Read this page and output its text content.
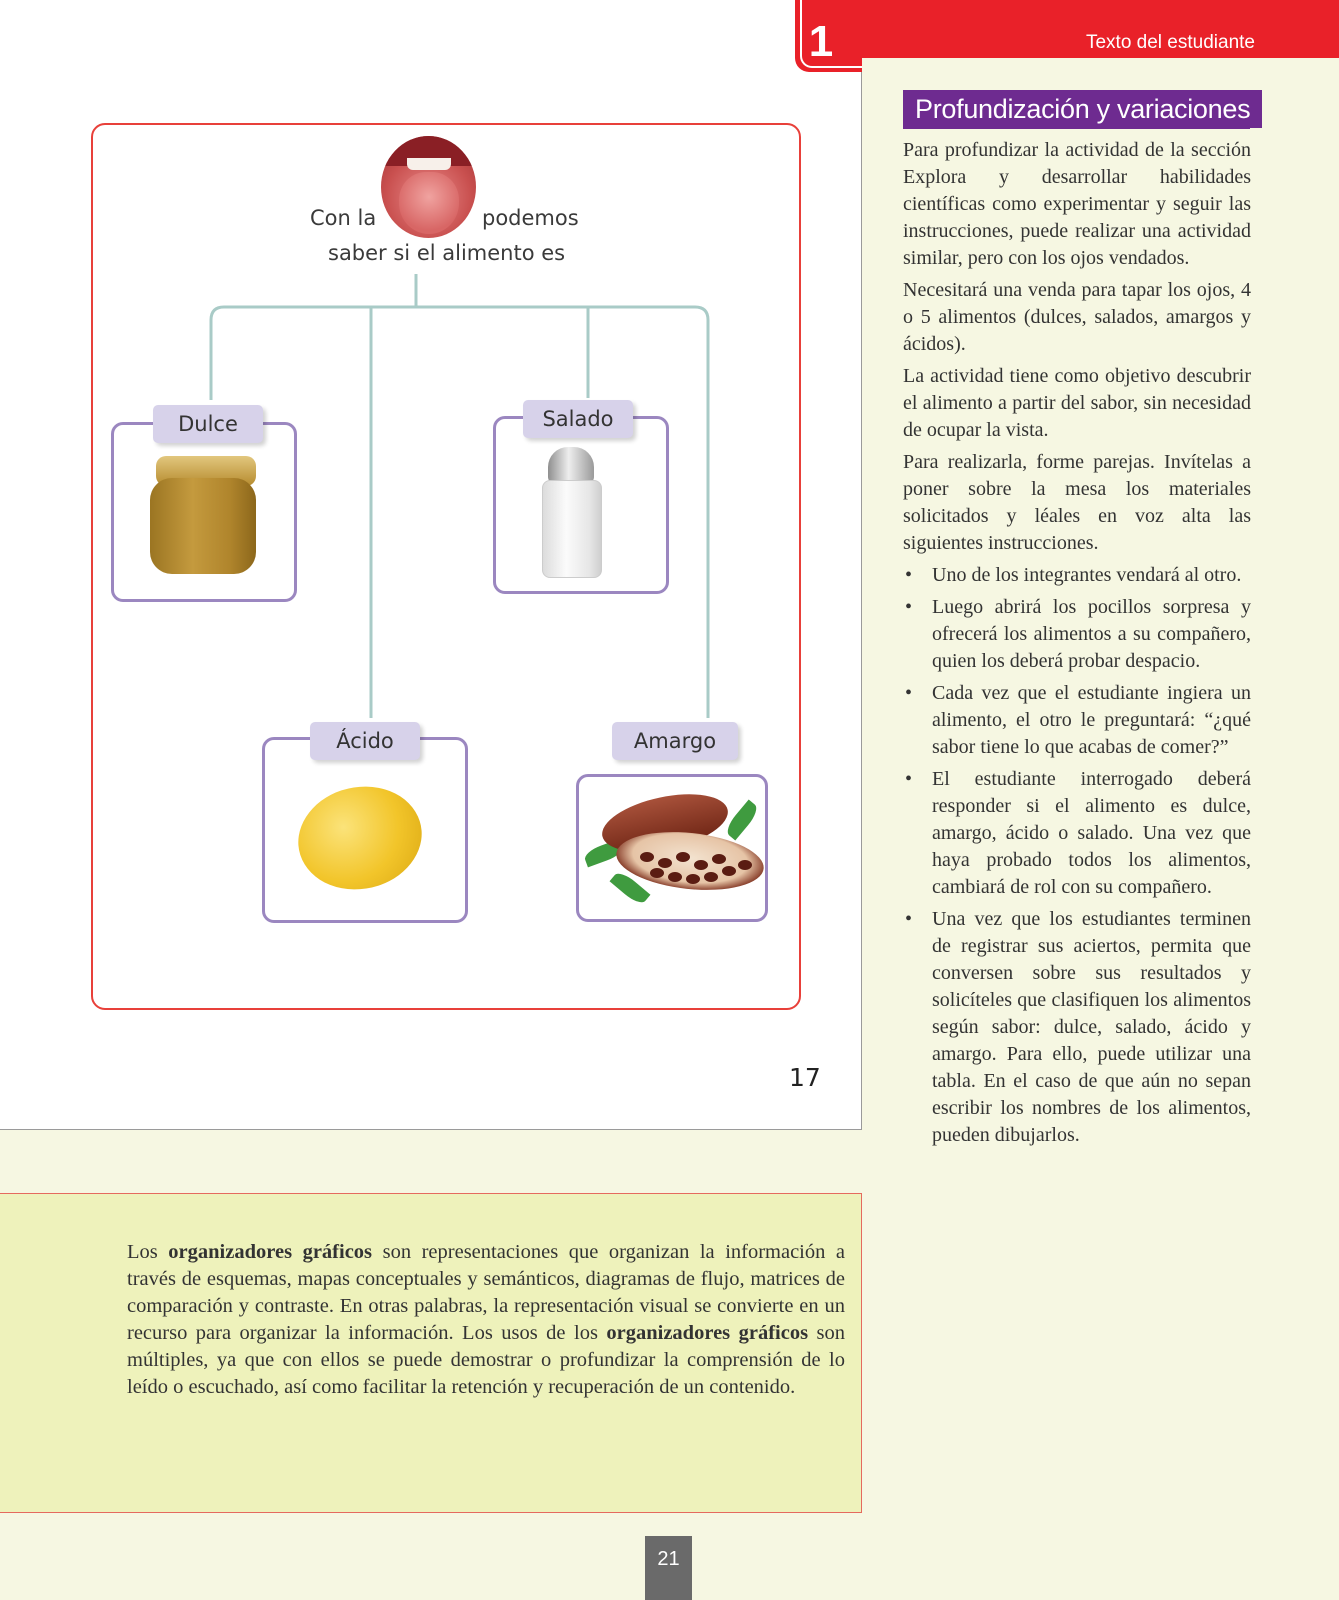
Texto del estudiante
1
Con la	podemos
saber si el alimento es
Dulce	Salado
Ácido	Amargo
17
Profundización y variaciones

Para profundizar la actividad de la sección Explora y desarrollar habilidades científicas como experimentar y seguir las instrucciones, puede realizar una actividad similar, pero con los ojos vendados.

Necesitará una venda para tapar los ojos, 4 o 5 alimentos (dulces, salados, amargos y ácidos).

La actividad tiene como objetivo descubrir el alimento a partir del sabor, sin necesidad de ocupar la vista.

Para realizarla, forme parejas. Invítelas a poner sobre la mesa los materiales solicitados y léales en voz alta las siguientes instrucciones.

• Uno de los integrantes vendará al otro.
• Luego abrirá los pocillos sorpresa y ofrecerá los alimentos a su compañero, quien los deberá probar despacio.
• Cada vez que el estudiante ingiera un alimento, el otro le preguntará: “¿qué sabor tiene lo que acabas de comer?”
• El estudiante interrogado deberá responder si el alimento es dulce, amargo, ácido o salado. Una vez que haya probado todos los alimentos, cambiará de rol con su compañero.
• Una vez que los estudiantes terminen de registrar sus aciertos, permita que conversen sobre sus resultados y solicíteles que clasifiquen los alimentos según sabor: dulce, salado, ácido y amargo. Para ello, puede utilizar una tabla. En el caso de que aún no sepan escribir los nombres de los alimentos, pueden dibujarlos.
Los organizadores gráficos son representaciones que organizan la información a través de esquemas, mapas conceptuales y semánticos, diagramas de flujo, matrices de comparación y contraste. En otras palabras, la representación visual se convierte en un recurso para organizar la información. Los usos de los organizadores gráficos son múltiples, ya que con ellos se puede demostrar o profundizar la comprensión de lo leído o escuchado, así como facilitar la retención y recuperación de un contenido.
21
